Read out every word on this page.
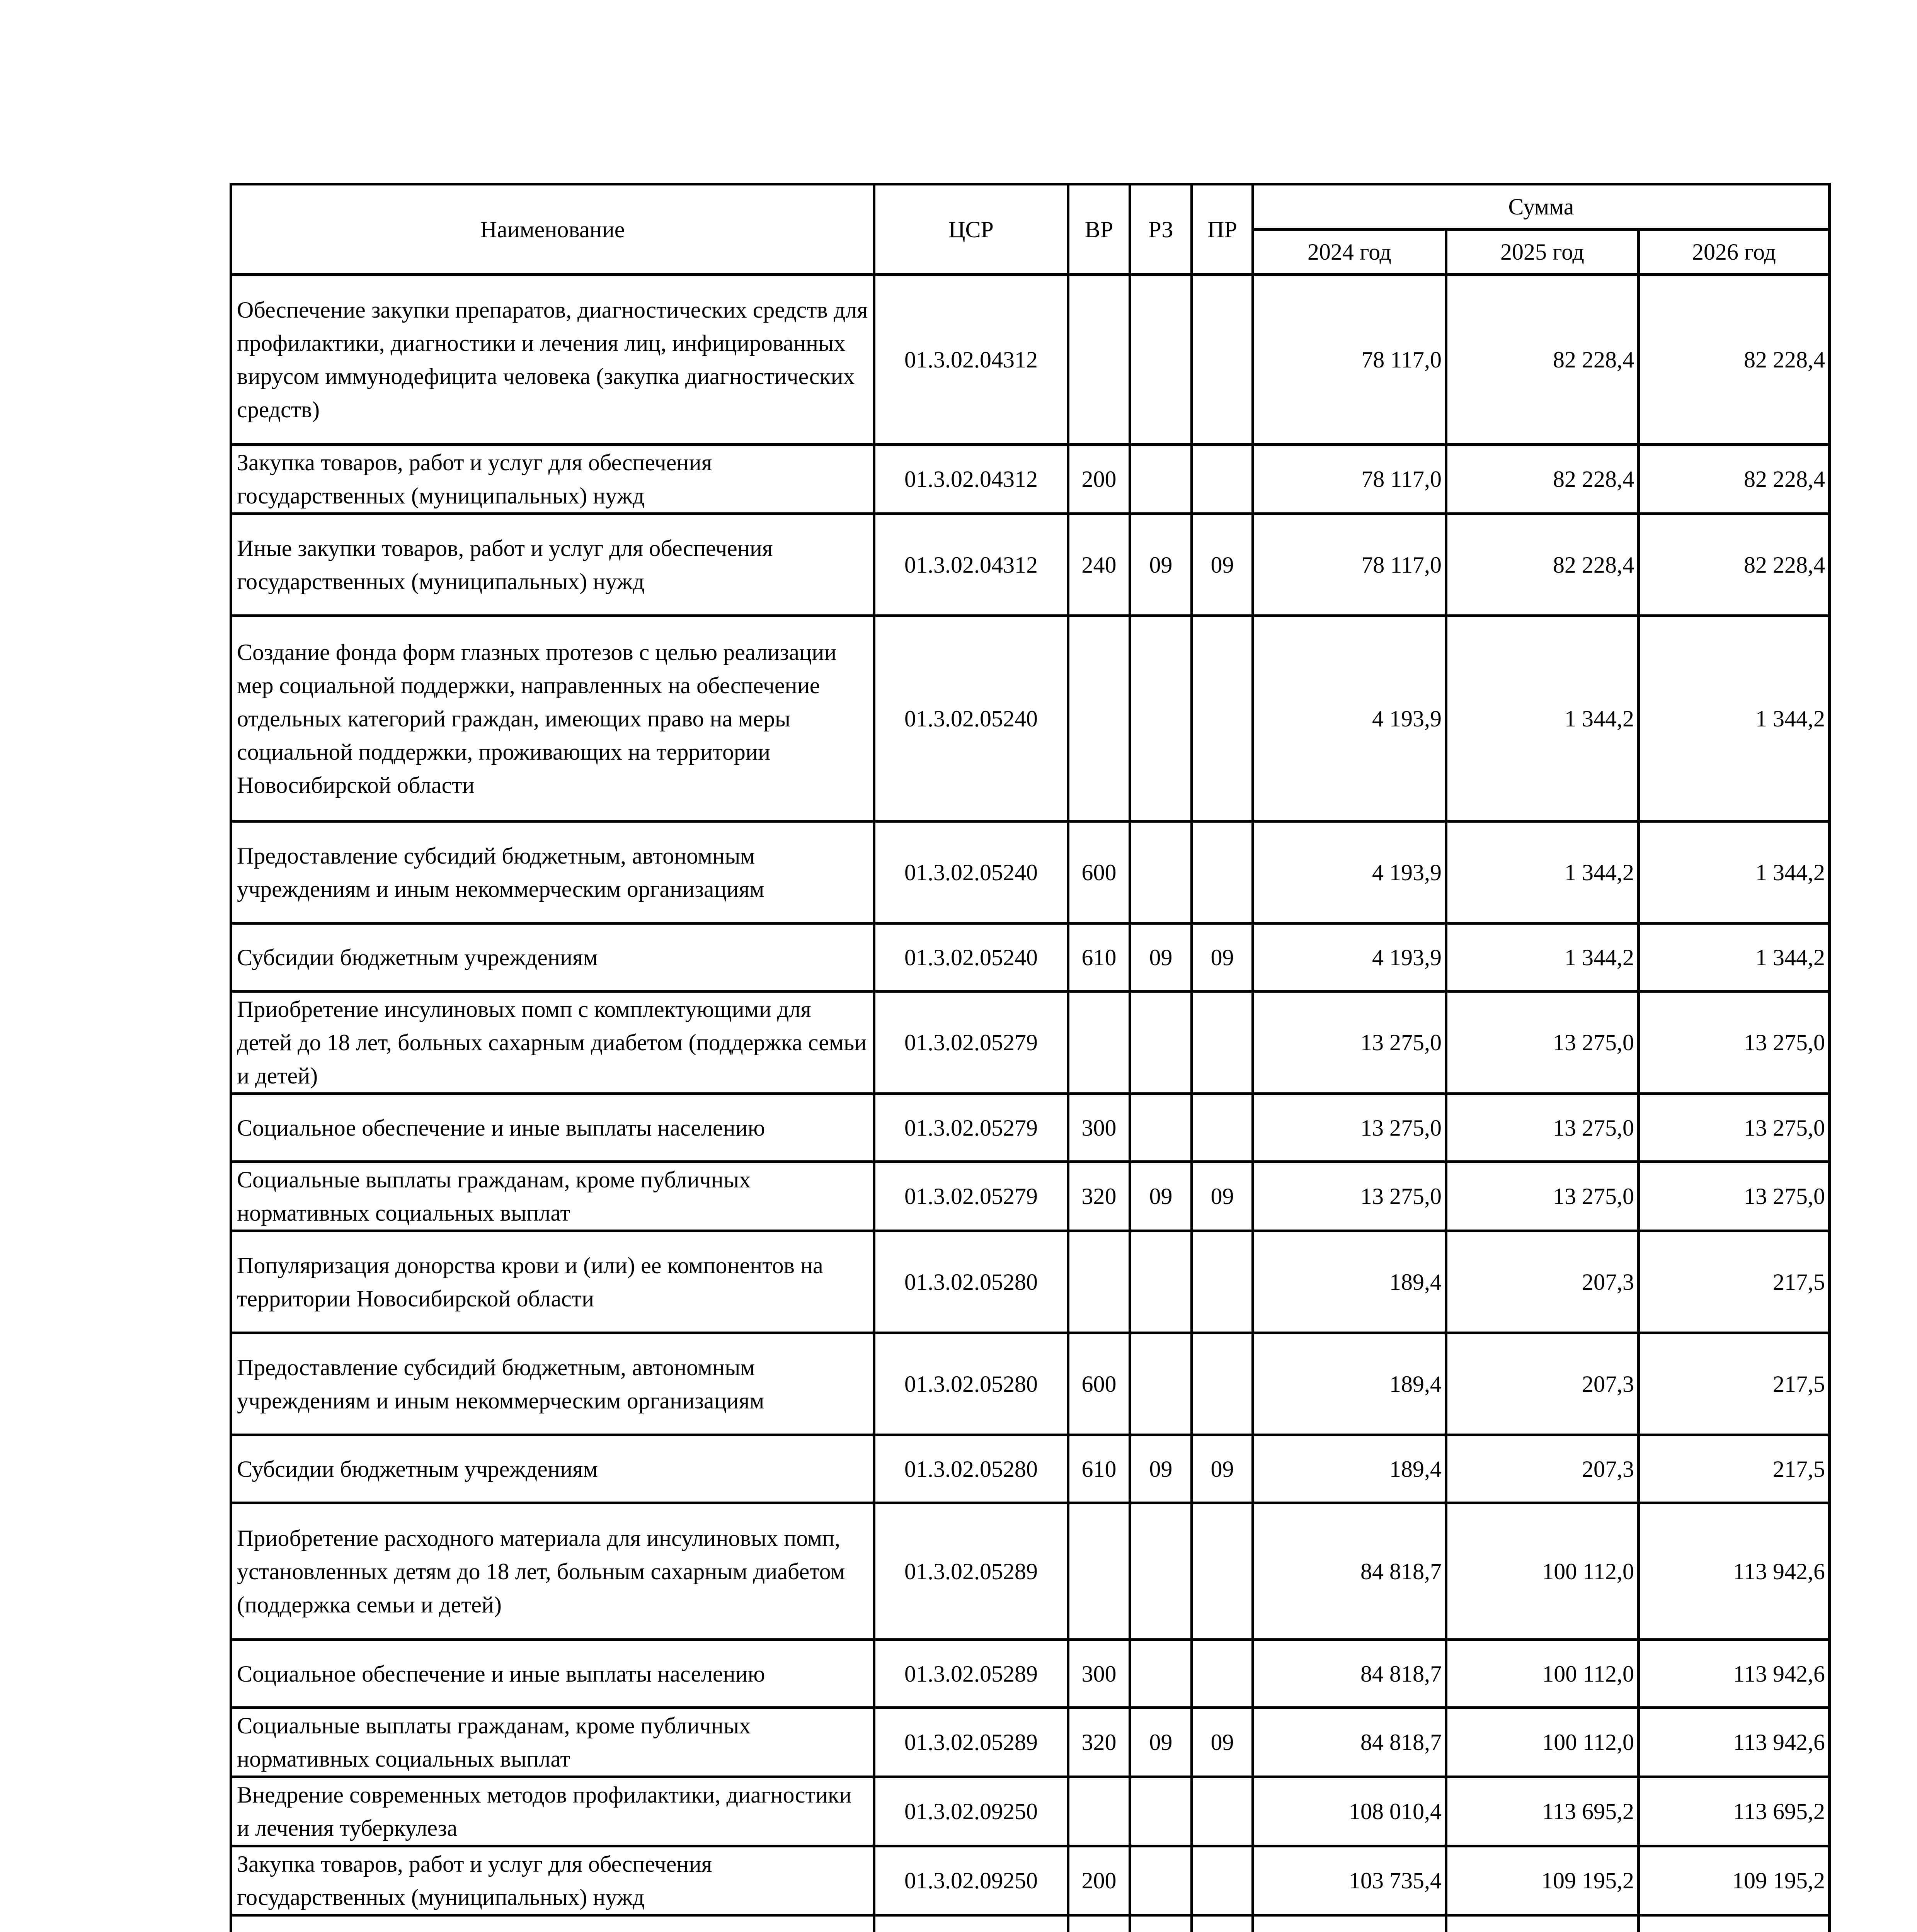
Наименование	ЦСР	ВР	РЗ	ПР	Сумма		
					2024 год	2025 год	2026 год
Обеспечение закупки препаратов, диагностических средств для профилактики, диагностики и лечения лиц, инфицированных вирусом иммунодефицита человека (закупка диагностических средств)	01.3.02.04312				78 117,0	82 228,4	82 228,4
Закупка товаров, работ и услуг для обеспечения государственных (муниципальных) нужд	01.3.02.04312	200			78 117,0	82 228,4	82 228,4
Иные закупки товаров, работ и услуг для обеспечения государственных (муниципальных) нужд	01.3.02.04312	240	09	09	78 117,0	82 228,4	82 228,4
Создание фонда форм глазных протезов с целью реализации мер социальной поддержки, направленных на обеспечение отдельных категорий граждан, имеющих право на меры социальной поддержки, проживающих на территории Новосибирской области	01.3.02.05240				4 193,9	1 344,2	1 344,2
Предоставление субсидий бюджетным, автономным учреждениям и иным некоммерческим организациям	01.3.02.05240	600			4 193,9	1 344,2	1 344,2
Субсидии бюджетным учреждениям	01.3.02.05240	610	09	09	4 193,9	1 344,2	1 344,2
Приобретение инсулиновых помп с комплектующими для детей до 18 лет, больных сахарным диабетом (поддержка семьи и детей)	01.3.02.05279				13 275,0	13 275,0	13 275,0
Социальное обеспечение и иные выплаты населению	01.3.02.05279	300			13 275,0	13 275,0	13 275,0
Социальные выплаты гражданам, кроме публичных нормативных социальных выплат	01.3.02.05279	320	09	09	13 275,0	13 275,0	13 275,0
Популяризация донорства крови и (или) ее компонентов на территории Новосибирской области	01.3.02.05280				189,4	207,3	217,5
Предоставление субсидий бюджетным, автономным учреждениям и иным некоммерческим организациям	01.3.02.05280	600			189,4	207,3	217,5
Субсидии бюджетным учреждениям	01.3.02.05280	610	09	09	189,4	207,3	217,5
Приобретение расходного материала для инсулиновых помп, установленных детям до 18 лет, больным сахарным диабетом (поддержка семьи и детей)	01.3.02.05289				84 818,7	100 112,0	113 942,6
Социальное обеспечение и иные выплаты населению	01.3.02.05289	300			84 818,7	100 112,0	113 942,6
Социальные выплаты гражданам, кроме публичных нормативных социальных выплат	01.3.02.05289	320	09	09	84 818,7	100 112,0	113 942,6
Внедрение современных методов профилактики, диагностики и лечения туберкулеза	01.3.02.09250				108 010,4	113 695,2	113 695,2
Закупка товаров, работ и услуг для обеспечения государственных (муниципальных) нужд	01.3.02.09250	200			103 735,4	109 195,2	109 195,2
